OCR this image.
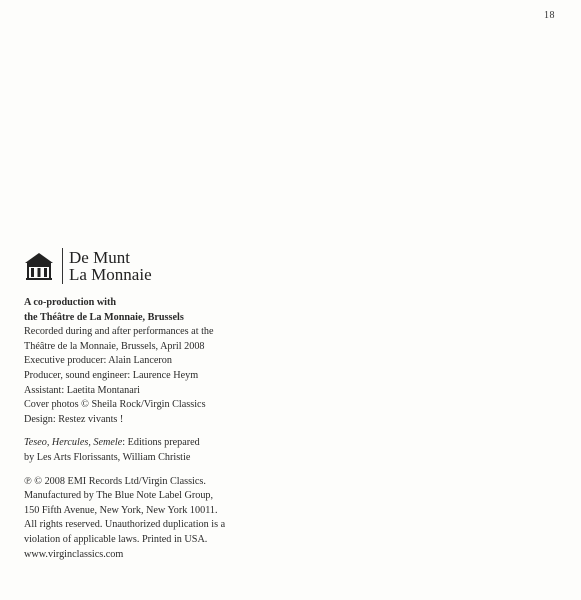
18
De Munt
La Monnaie
A co-production with
the Théâtre de La Monnaie, Brussels
Recorded during and after performances at the
Théâtre de la Monnaie, Brussels, April 2008
Executive producer: Alain Lanceron
Producer, sound engineer: Laurence Heym
Assistant: Laetita Montanari
Cover photos © Sheila Rock/Virgin Classics
Design: Restez vivants !
Teseo, Hercules, Semele: Editions prepared
by Les Arts Florissants, William Christie
℗ © 2008 EMI Records Ltd/Virgin Classics.
Manufactured by The Blue Note Label Group,
150 Fifth Avenue, New York, New York 10011.
All rights reserved. Unauthorized duplication is a
violation of applicable laws. Printed in USA.
www.virginclassics.com
